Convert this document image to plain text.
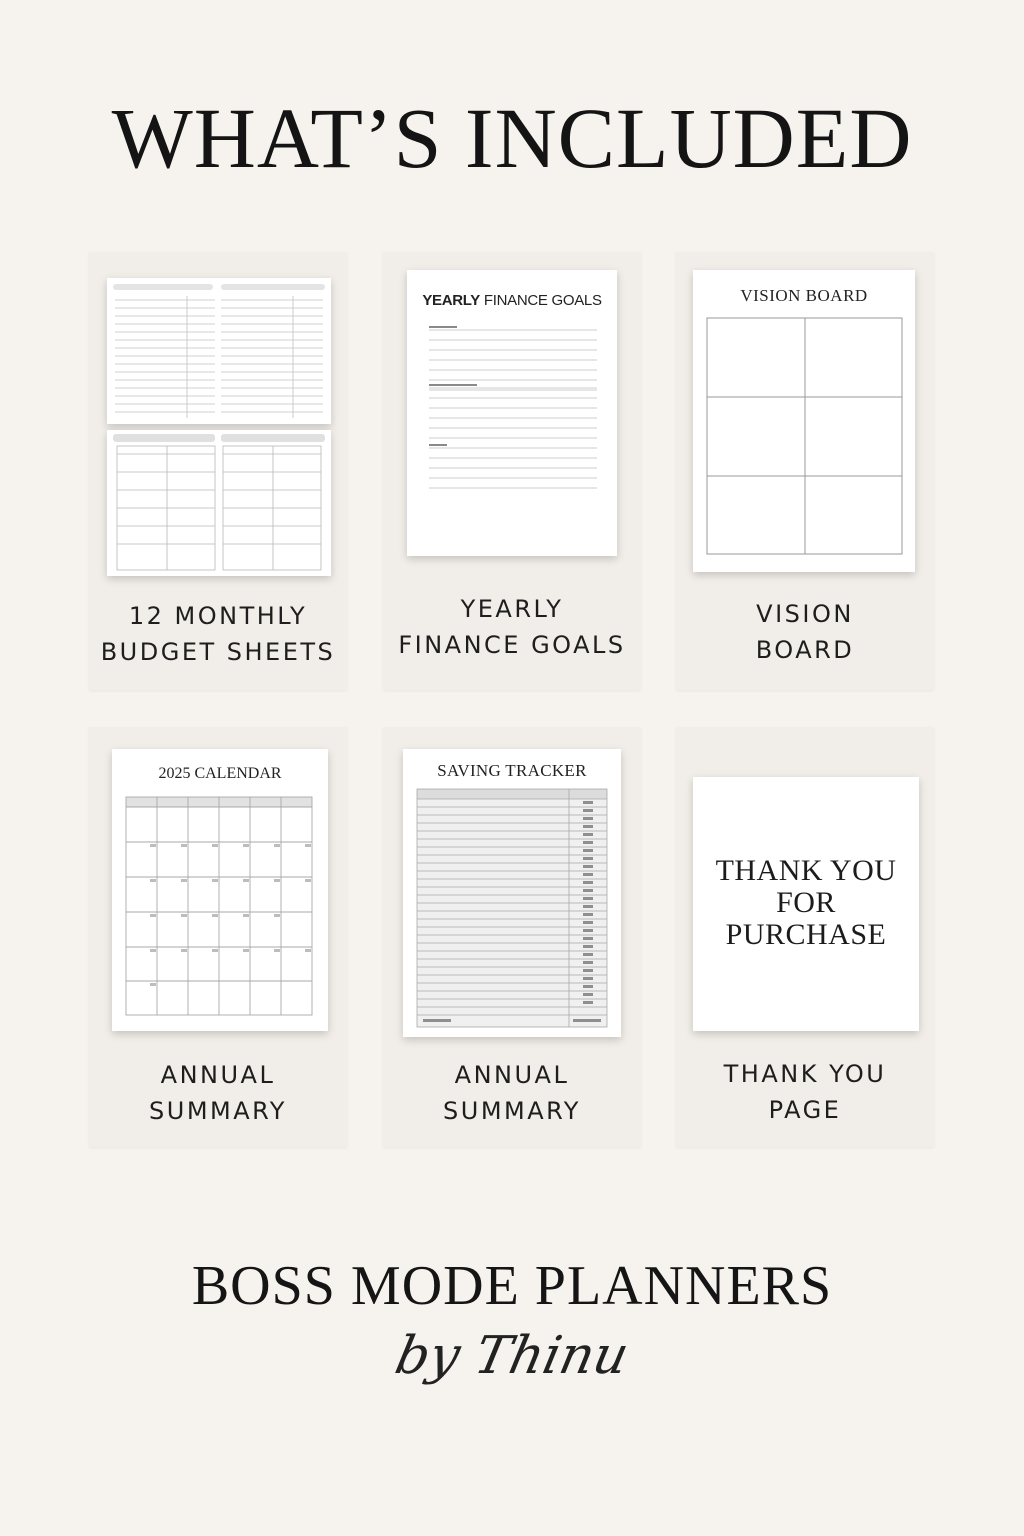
WHAT’S INCLUDED
12 MONTHLY
BUDGET SHEETS
YEARLY FINANCE GOALS
YEARLY
FINANCE GOALS
VISION BOARD
VISION
BOARD
2025 CALENDAR
ANNUAL
SUMMARY
SAVING TRACKER
ANNUAL
SUMMARY
THANK YOU
FOR
PURCHASE
THANK YOU
PAGE
BOSS MODE PLANNERS
by Thinu
